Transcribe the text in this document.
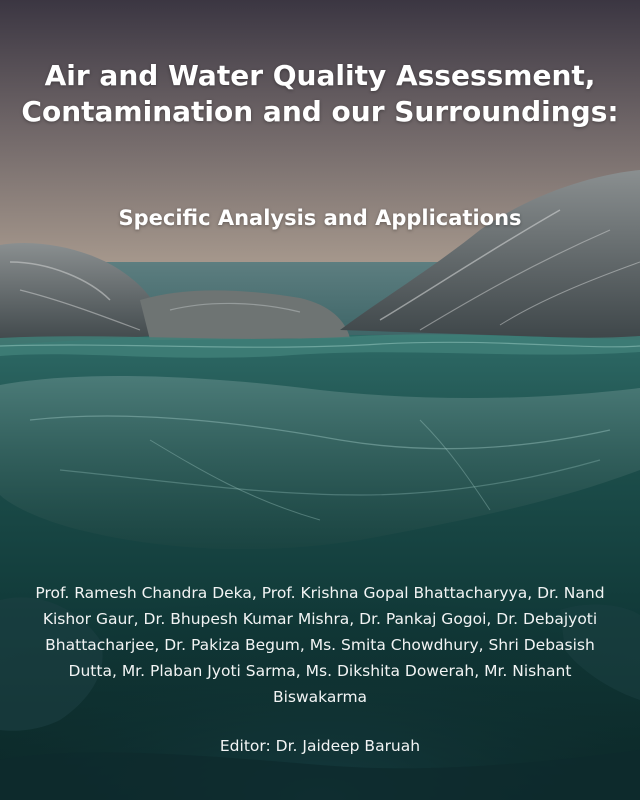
Air and Water Quality Assessment, Contamination and our Surroundings:
Specific Analysis and Applications

Prof. Ramesh Chandra Deka, Prof. Krishna Gopal Bhattacharyya, Dr. Nand Kishor Gaur, Dr. Bhupesh Kumar Mishra, Dr. Pankaj Gogoi, Dr. Debajyoti Bhattacharjee, Dr. Pakiza Begum, Ms. Smita Chowdhury, Shri Debasish Dutta, Mr. Plaban Jyoti Sarma, Ms. Dikshita Dowerah, Mr. Nishant Biswakarma

Editor: Dr. Jaideep Baruah
